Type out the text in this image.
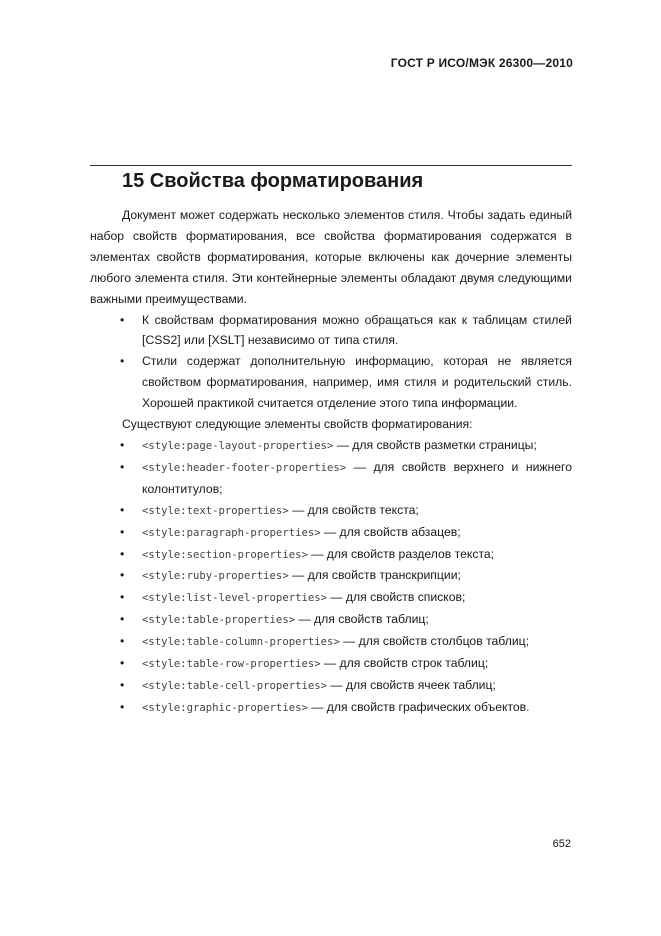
ГОСТ Р ИСО/МЭК 26300—2010
15 Свойства форматирования

Документ может содержать несколько элементов стиля. Чтобы задать единый набор свойств форматирования, все свойства форматирования содержатся в элементах свойств форматирования, которые включены как дочерние элементы любого элемента стиля. Эти контейнерные элементы обладают двумя следующими важными преимуществами.

• К свойствам форматирования можно обращаться как к таблицам стилей [CSS2] или [XSLT] независимо от типа стиля.
• Стили содержат дополнительную информацию, которая не является свойством форматирования, например, имя стиля и родительский стиль. Хорошей практикой считается отделение этого типа информации.

Существуют следующие элементы свойств форматирования:

• <style:page-layout-properties> — для свойств разметки страницы;
• <style:header-footer-properties> — для свойств верхнего и нижнего колонтитулов;
• <style:text-properties> — для свойств текста;
• <style:paragraph-properties> — для свойств абзацев;
• <style:section-properties> — для свойств разделов текста;
• <style:ruby-properties> — для свойств транскрипции;
• <style:list-level-properties> — для свойств списков;
• <style:table-properties> — для свойств таблиц;
• <style:table-column-properties> — для свойств столбцов таблиц;
• <style:table-row-properties> — для свойств строк таблиц;
• <style:table-cell-properties> — для свойств ячеек таблиц;
• <style:graphic-properties> — для свойств графических объектов.
652
